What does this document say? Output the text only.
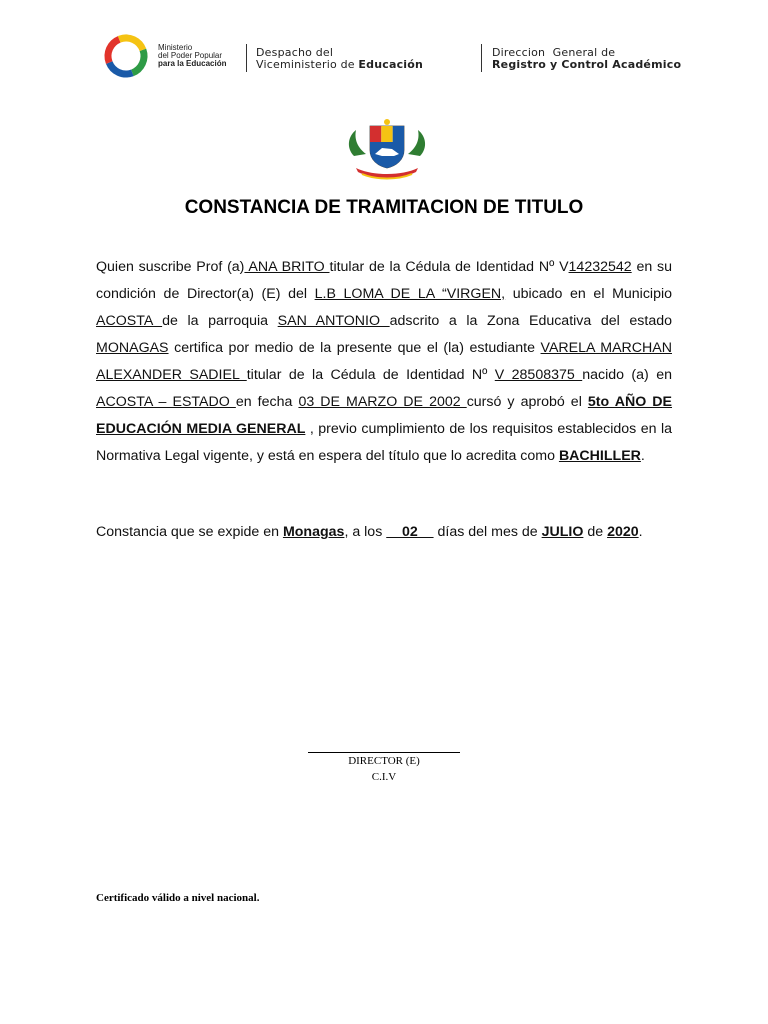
Ministerio
del Poder Popular
para la Educación
Despacho del
Viceministerio de Educación
Direccion  General de
Registro y Control Académico
CONSTANCIA DE TRAMITACION DE TITULO
Quien suscribe Prof (a) ANA BRITO titular de la Cédula de Identidad Nº V14232542 en su condición de Director(a) (E) del L.B LOMA DE LA “VIRGEN, ubicado en el Municipio ACOSTA de la parroquia SAN ANTONIO adscrito a la Zona Educativa del estado MONAGAS certifica por medio de la presente que el (la) estudiante VARELA MARCHAN ALEXANDER SADIEL titular de la Cédula de Identidad Nº V 28508375 nacido (a) en ACOSTA – ESTADO en fecha 03 DE MARZO DE 2002 cursó y aprobó el 5to AÑO DE EDUCACIÓN MEDIA GENERAL , previo cumplimiento de los requisitos establecidos en la Normativa Legal vigente, y está en espera del título que lo acredita como BACHILLER.
Constancia que se expide en Monagas, a los     02     días del mes de JULIO de 2020.
DIRECTOR (E)
C.I.V
Certificado válido a nivel nacional.
